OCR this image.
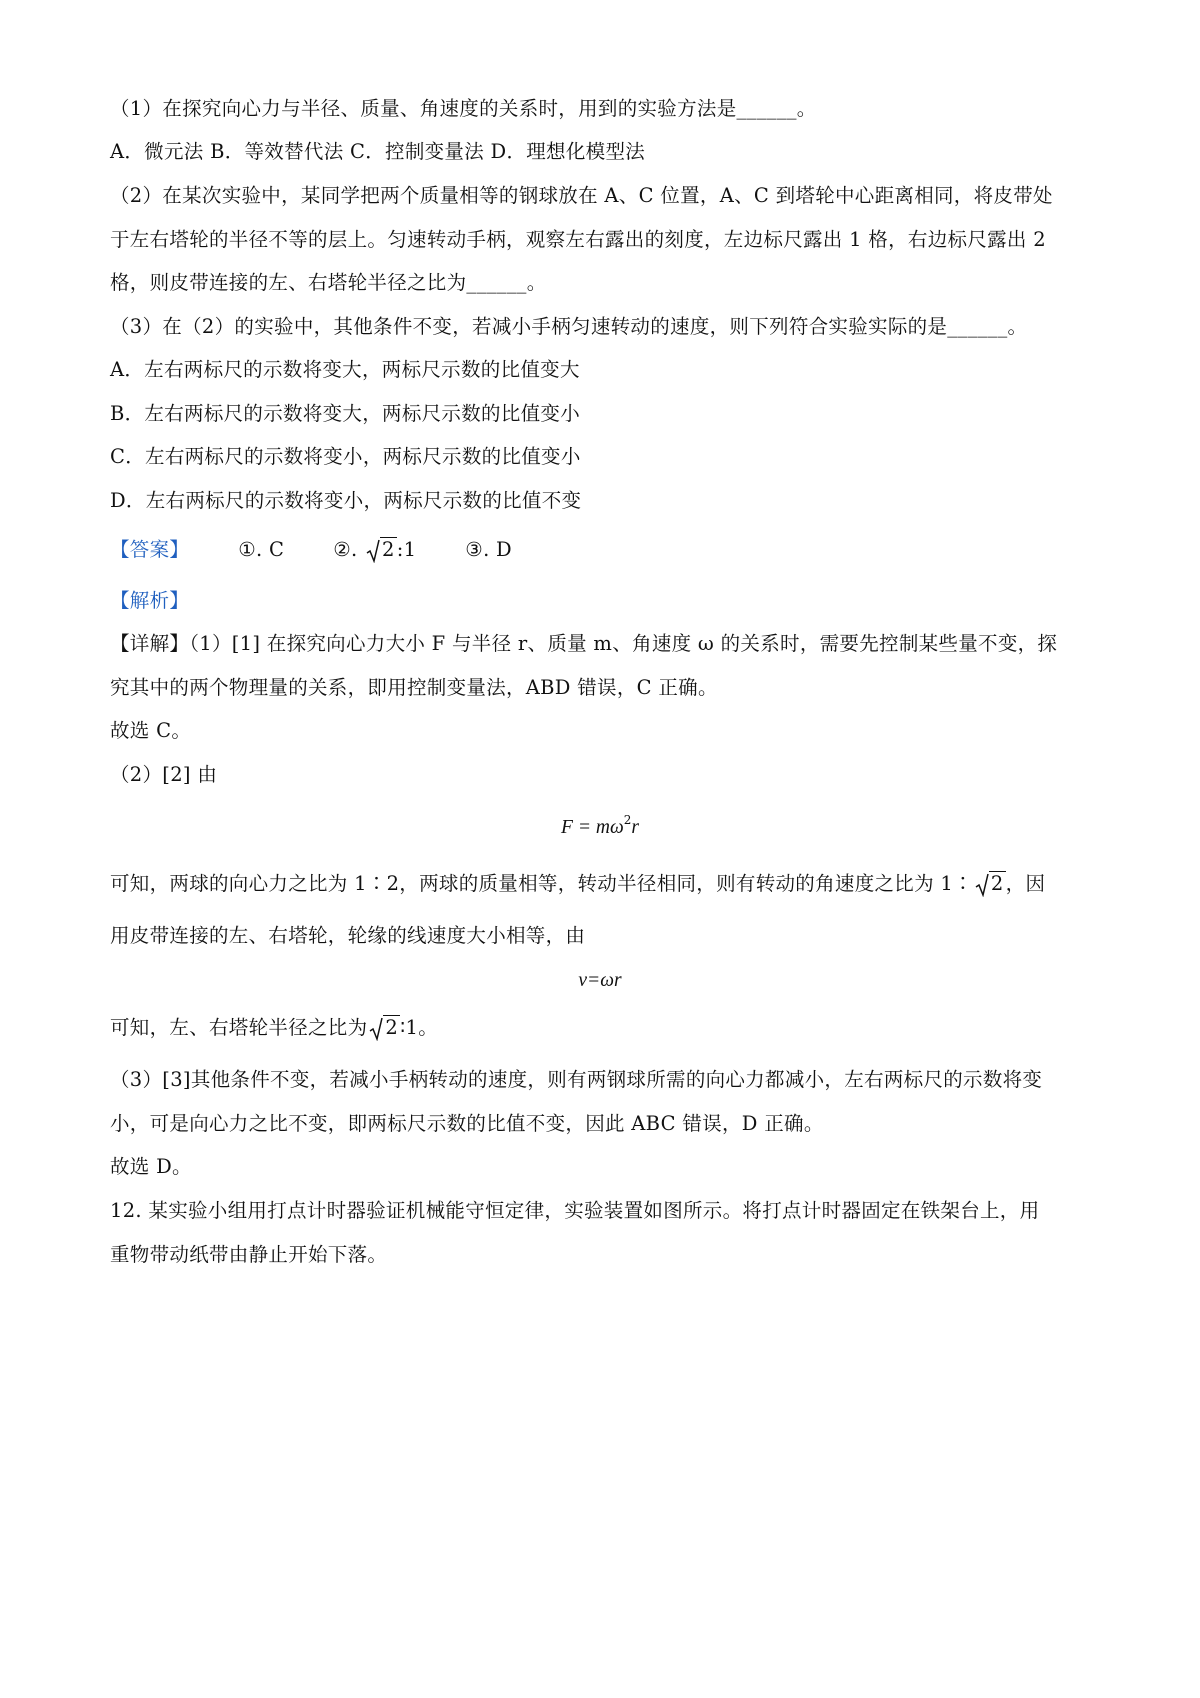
（1）在探究向心力与半径、质量、角速度的关系时，用到的实验方法是______。
A．微元法 B．等效替代法 C．控制变量法 D．理想化模型法
（2）在某次实验中，某同学把两个质量相等的钢球放在 A、C 位置，A、C 到塔轮中心距离相同，将皮带处
于左右塔轮的半径不等的层上。匀速转动手柄，观察左右露出的刻度，左边标尺露出 1 格，右边标尺露出 2
格，则皮带连接的左、右塔轮半径之比为______。
（3）在（2）的实验中，其他条件不变，若减小手柄匀速转动的速度，则下列符合实验实际的是______。
A．左右两标尺的示数将变大，两标尺示数的比值变大
B．左右两标尺的示数将变大，两标尺示数的比值变小
C．左右两标尺的示数将变小，两标尺示数的比值变小
D．左右两标尺的示数将变小，两标尺示数的比值不变
【答案】	①. C	②. 2 :1	③. D
【解析】
【详解】（1）[1] 在探究向心力大小 F 与半径 r、质量 m、角速度 ω 的关系时，需要先控制某些量不变，探
究其中的两个物理量的关系，即用控制变量法，ABD 错误，C 正确。
故选 C。
（2）[2] 由
$F = m\omega^2r$
可知，两球的向心力之比为 1∶2，两球的质量相等，转动半径相同，则有转动的角速度之比为 1∶ 2 ，因
用皮带连接的左、右塔轮，轮缘的线速度大小相等，由
v=ωr
可知，左、右塔轮半径之比为 2 ∶1。
（3）[3]其他条件不变，若减小手柄转动的速度，则有两钢球所需的向心力都减小，左右两标尺的示数将变
小，可是向心力之比不变，即两标尺示数的比值不变，因此 ABC 错误，D 正确。
故选 D。
12. 某实验小组用打点计时器验证机械能守恒定律，实验装置如图所示。将打点计时器固定在铁架台上，用
重物带动纸带由静止开始下落。
